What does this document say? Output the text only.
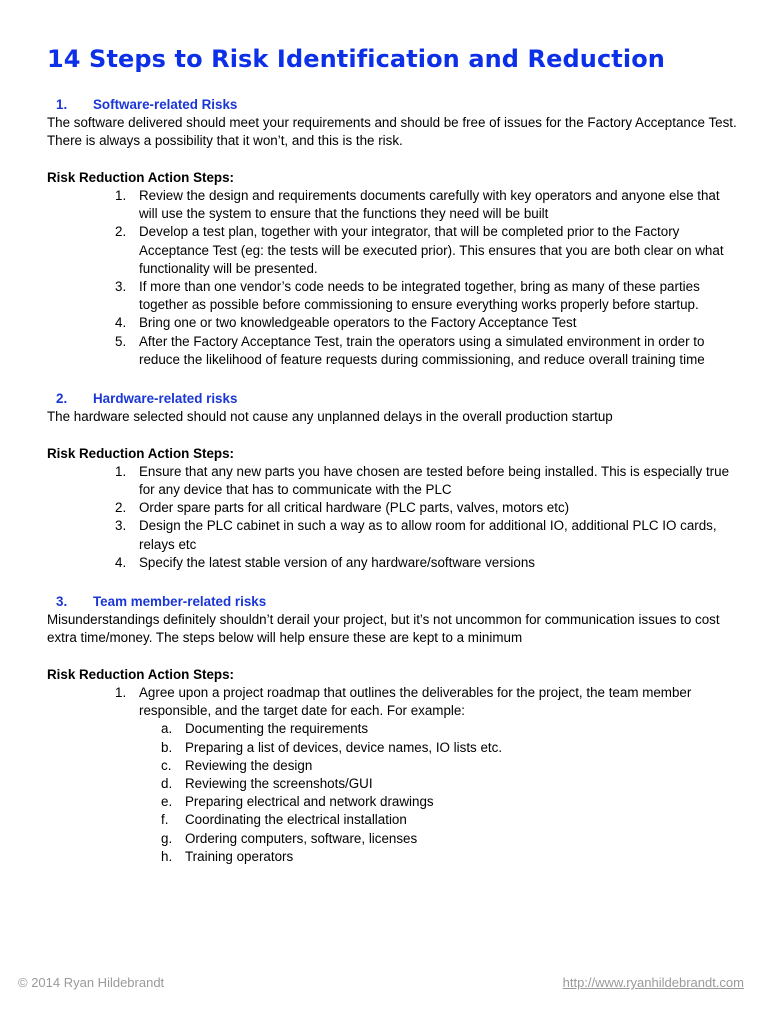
14 Steps to Risk Identification and Reduction
1. Software-related Risks

The software delivered should meet your requirements and should be free of issues for the Factory Acceptance Test. There is always a possibility that it won’t, and this is the risk.

Risk Reduction Action Steps:
1. Review the design and requirements documents carefully with key operators and anyone else that will use the system to ensure that the functions they need will be built
2. Develop a test plan, together with your integrator, that will be completed prior to the Factory Acceptance Test (eg: the tests will be executed prior). This ensures that you are both clear on what functionality will be presented.
3. If more than one vendor’s code needs to be integrated together, bring as many of these parties together as possible before commissioning to ensure everything works properly before startup.
4. Bring one or two knowledgeable operators to the Factory Acceptance Test
5. After the Factory Acceptance Test, train the operators using a simulated environment in order to reduce the likelihood of feature requests during commissioning, and reduce overall training time
2. Hardware-related risks

The hardware selected should not cause any unplanned delays in the overall production startup

Risk Reduction Action Steps:
1. Ensure that any new parts you have chosen are tested before being installed. This is especially true for any device that has to communicate with the PLC
2. Order spare parts for all critical hardware (PLC parts, valves, motors etc)
3. Design the PLC cabinet in such a way as to allow room for additional IO, additional PLC IO cards, relays etc
4. Specify the latest stable version of any hardware/software versions
3. Team member-related risks

Misunderstandings definitely shouldn’t derail your project, but it’s not uncommon for communication issues to cost extra time/money. The steps below will help ensure these are kept to a minimum

Risk Reduction Action Steps:
1. Agree upon a project roadmap that outlines the deliverables for the project, the team member responsible, and the target date for each. For example:
a. Documenting the requirements
b. Preparing a list of devices, device names, IO lists etc.
c. Reviewing the design
d. Reviewing the screenshots/GUI
e. Preparing electrical and network drawings
f. Coordinating the electrical installation
g. Ordering computers, software, licenses
h. Training operators
© 2014 Ryan Hildebrandt	http://www.ryanhildebrandt.com
